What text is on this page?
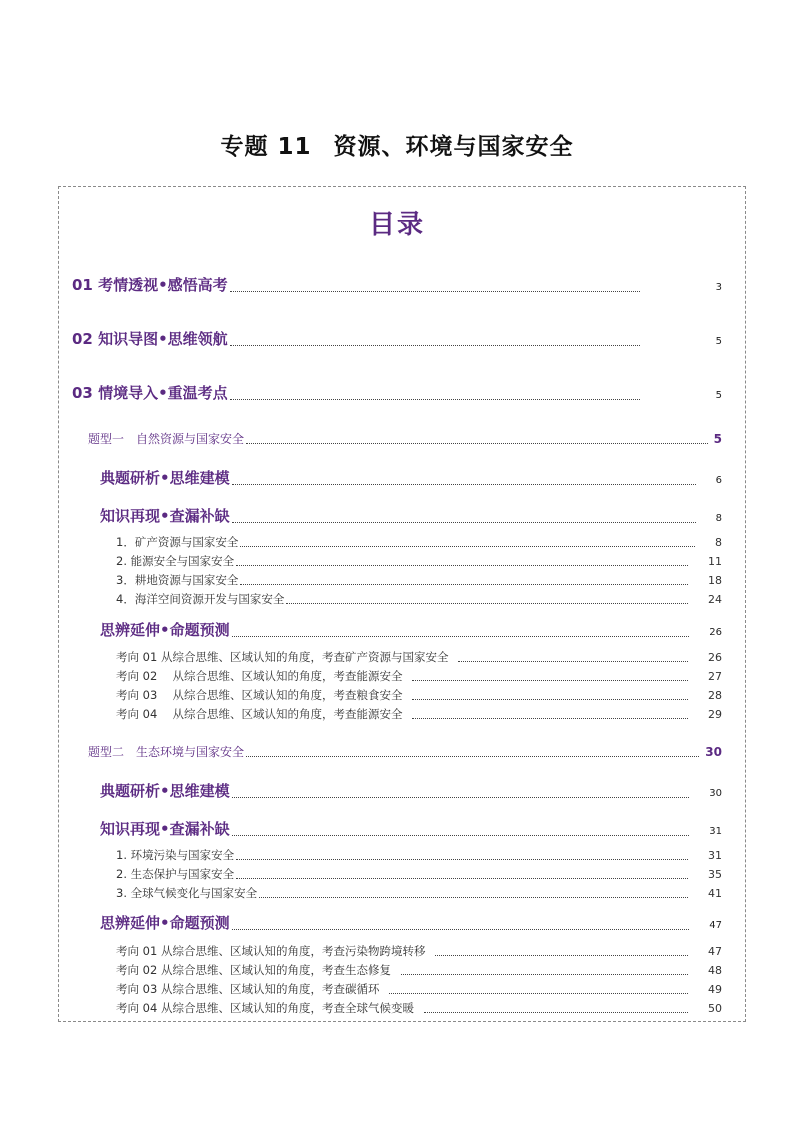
专题 11 资源、环境与国家安全
目录
01 考情透视•感悟高考	3
02 知识导图•思维领航	5
03 情境导入•重温考点	5
题型一　自然资源与国家安全	5
典题研析•思维建模	6
知识再现•查漏补缺	8
1．矿产资源与国家安全	8
2. 能源安全与国家安全	11
3．耕地资源与国家安全	18
4．海洋空间资源开发与国家安全	24
思辨延伸•命题预测	26
考向 01 从综合思维、区域认知的角度，考查矿产资源与国家安全	26
考向 02　 从综合思维、区域认知的角度，考查能源安全	27
考向 03　 从综合思维、区域认知的角度，考查粮食安全	28
考向 04　 从综合思维、区域认知的角度，考查能源安全	29
题型二　生态环境与国家安全	30
典题研析•思维建模	30
知识再现•查漏补缺	31
1. 环境污染与国家安全	31
2. 生态保护与国家安全	35
3. 全球气候变化与国家安全	41
思辨延伸•命题预测	47
考向 01 从综合思维、区域认知的角度，考查污染物跨境转移	47
考向 02 从综合思维、区域认知的角度，考查生态修复	48
考向 03 从综合思维、区域认知的角度，考查碳循环	49
考向 04 从综合思维、区域认知的角度，考查全球气候变暖	50
